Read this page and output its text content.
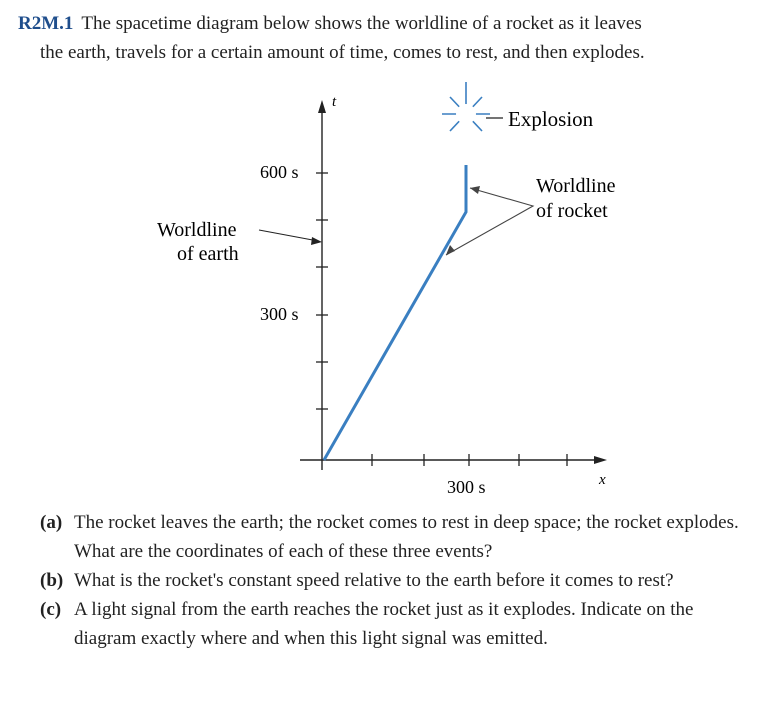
R2M.1 The spacetime diagram below shows the worldline of a rocket as it leaves
the earth, travels for a certain amount of time, comes to rest, and then explodes.
t
600 s
300 s
x
300 s
Worldline
of earth
Worldline
of rocket
Explosion
(a) The rocket leaves the earth; the rocket comes to rest in deep space; the rocket explodes. What are the coordinates of each of these three events?
(b) What is the rocket's constant speed relative to the earth before it comes to rest?
(c) A light signal from the earth reaches the rocket just as it explodes. Indicate on the diagram exactly where and when this light signal was emitted.
